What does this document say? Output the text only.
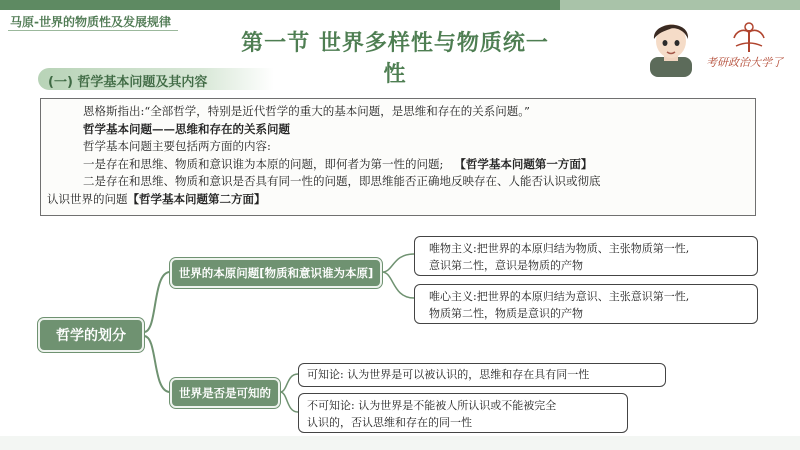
马原-世界的物质性及发展规律
第一节 世界多样性与物质统一性	考研政治大学了
(一) 哲学基本问题及其内容

恩格斯指出:“全部哲学，特别是近代哲学的重大的基本问题，是思维和存在的关系问题。”

哲学基本问题——思维和存在的关系问题

哲学基本问题主要包括两方面的内容:

一是存在和思维、物质和意识谁为本原的问题，即何者为第一性的问题; 【哲学基本问题第一方面】

二是存在和思维、物质和意识是否具有同一性的问题，即思维能否正确地反映存在、人能否认识或彻底

认识世界的问题【哲学基本问题第二方面】

哲学的划分
世界的本原问题[物质和意识谁为本原]
世界是否是可知的
唯物主义:把世界的本原归结为物质、主张物质第一性,
意识第二性，意识是物质的产物
唯心主义:把世界的本原归结为意识、主张意识第一性,
物质第二性，物质是意识的产物
可知论: 认为世界是可以被认识的，思维和存在具有同一性
不可知论: 认为世界是不能被人所认识或不能被完全
认识的，否认思维和存在的同一性
